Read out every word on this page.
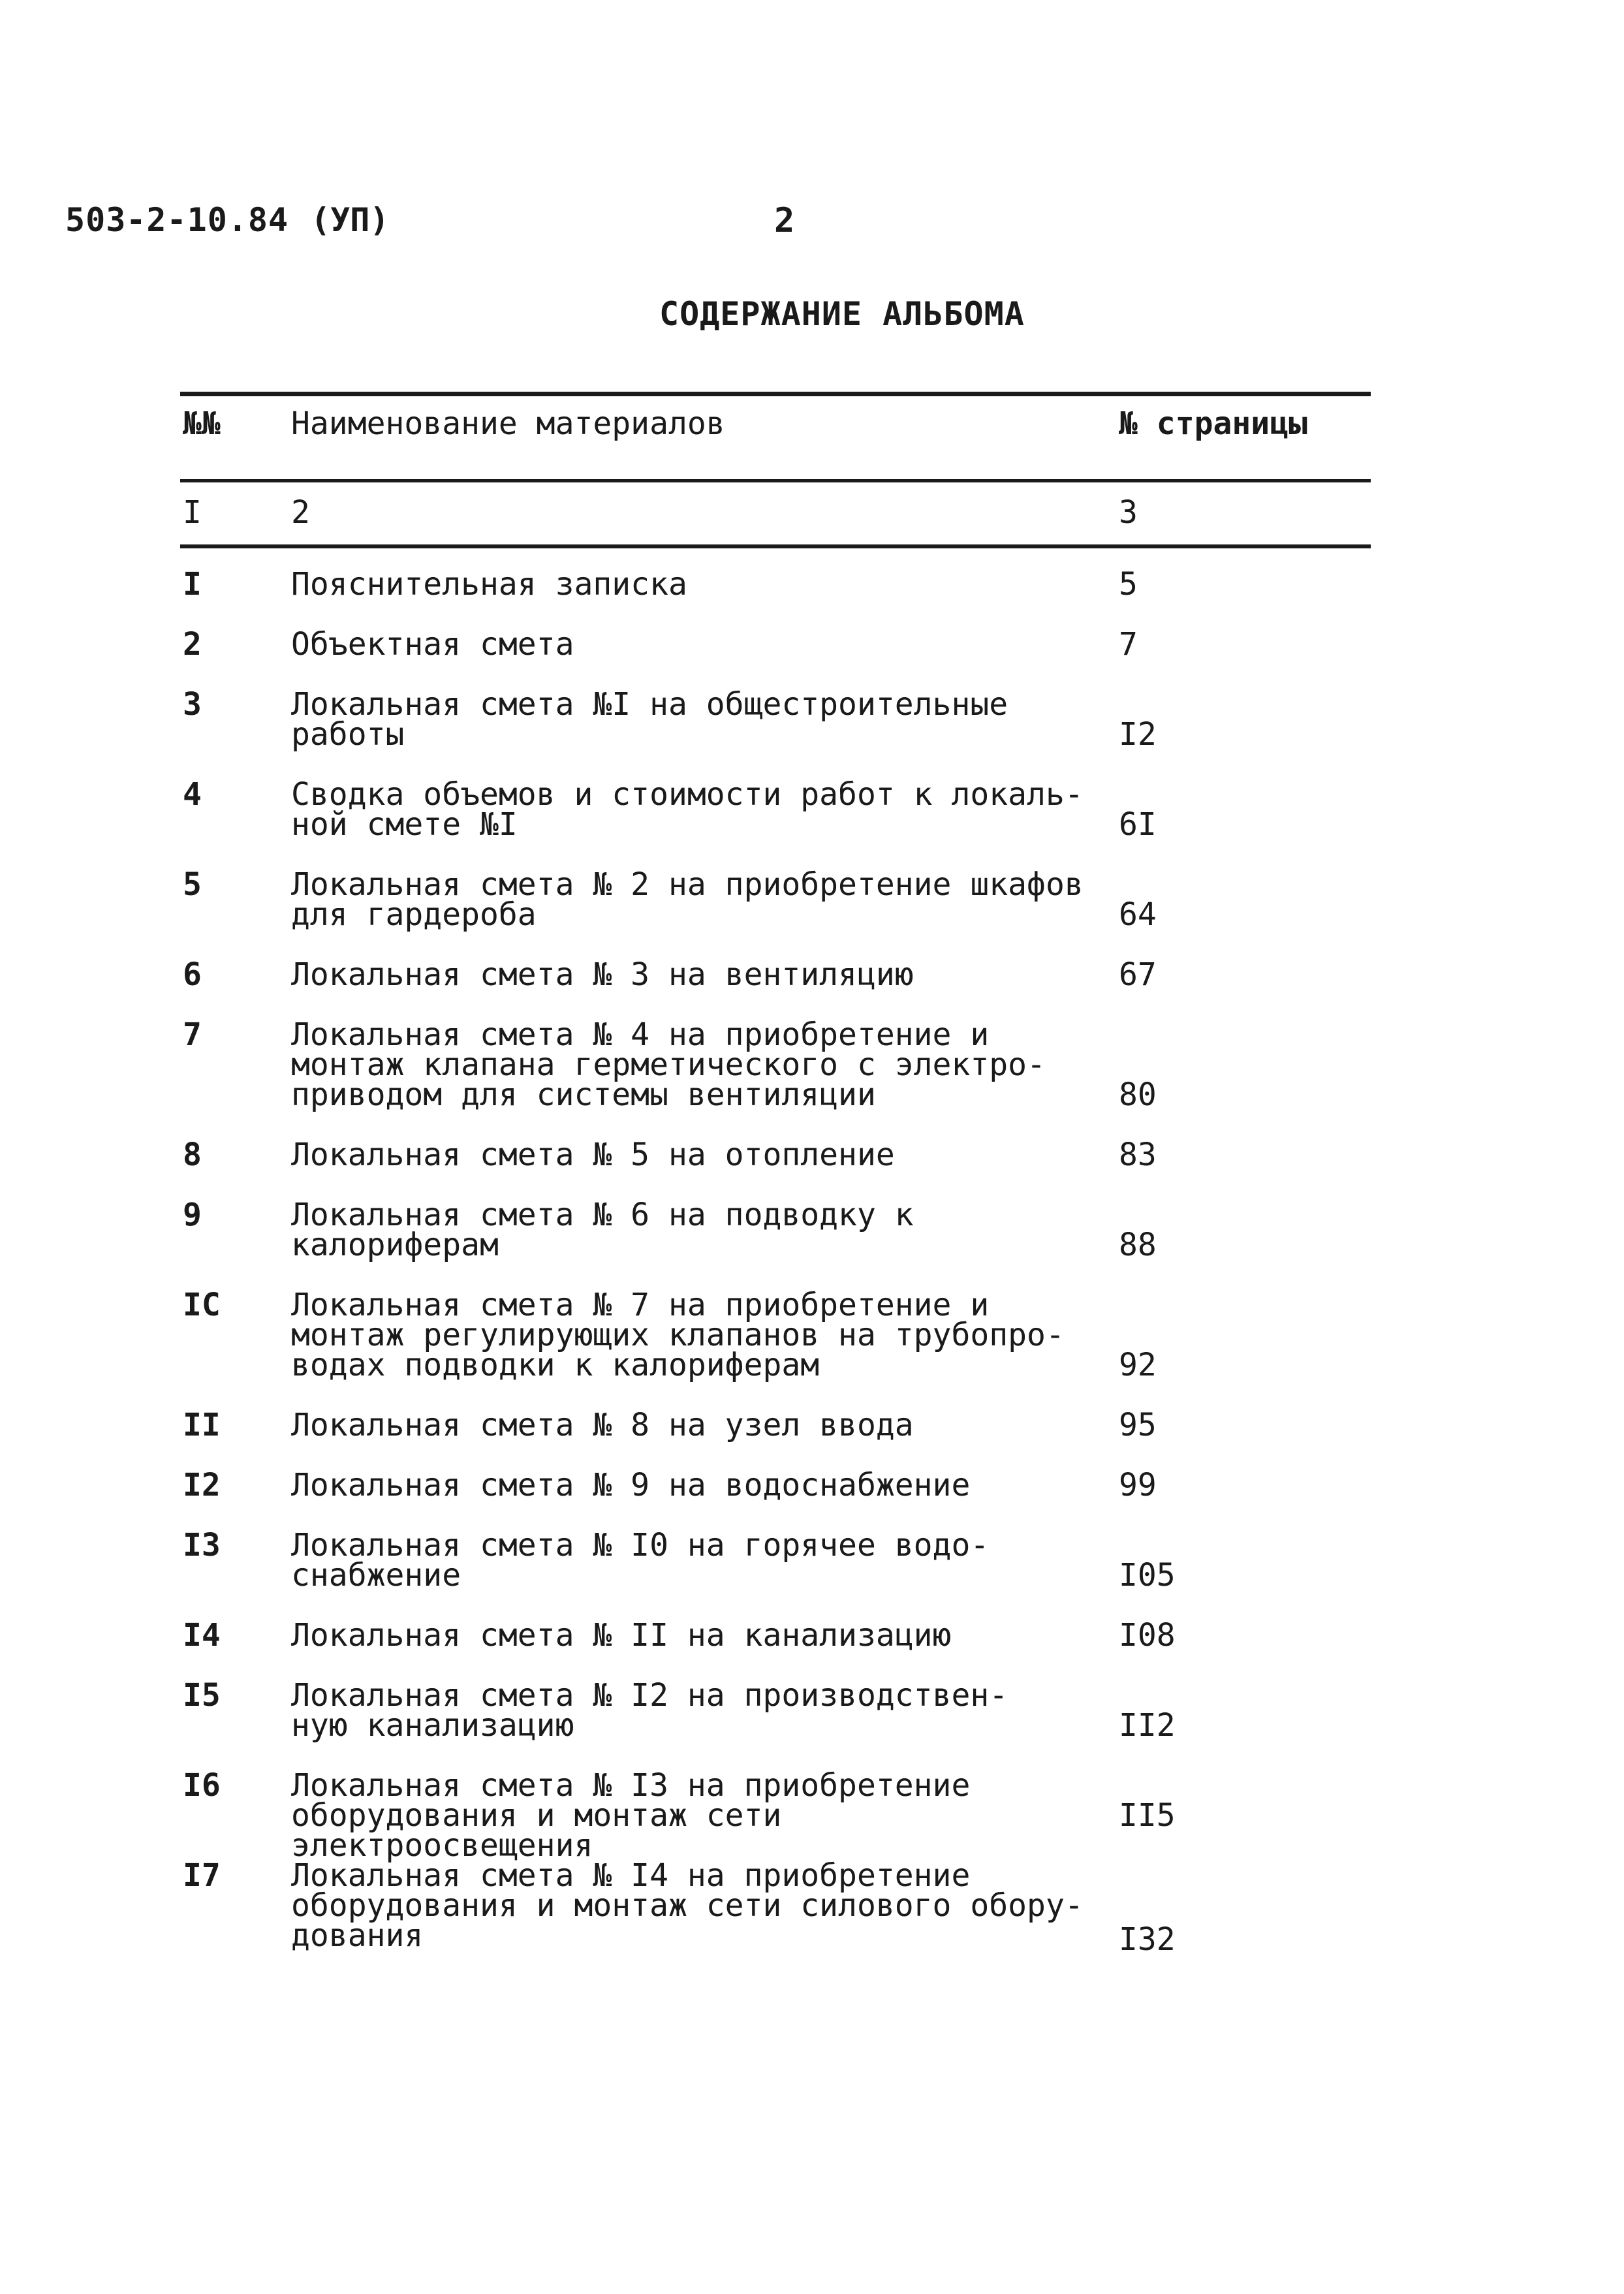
503-2-10.84 (УП)	2
СОДЕРЖАНИЕ АЛЬБОМА
№№ Наименование материалов	№ страницы
I	2	3
I	Пояснительная записка	5
2	Объектная смета	7
3	Локальная смета №I на общестроительные
работы	I2
4	Сводка объемов и стоимости работ к локаль-
ной смете №I	6I
5	Локальная смета № 2 на приобретение шкафов
для гардероба	64
6	Локальная смета № 3 на вентиляцию	67
7	Локальная смета № 4 на приобретение и
монтаж клапана герметического с электро-
приводом для системы вентиляции	80
8	Локальная смета № 5 на отопление	83
9	Локальная смета № 6 на подводку к
калориферам	88
IC Локальная смета № 7 на приобретение и
монтаж регулирующих клапанов на трубопро-
водах подводки к калориферам	92
II Локальная смета № 8 на узел ввода	95
I2 Локальная смета № 9 на водоснабжение	99
I3 Локальная смета № I0 на горячее водо-
снабжение	I05
I4 Локальная смета № II на канализацию	I08
I5 Локальная смета № I2 на производствен-
ную канализацию	II2
I6 Локальная смета № I3 на приобретение
оборудования и монтаж сети электроосвещения
II5
I7 Локальная смета № I4 на приобретение
оборудования и монтаж сети силового обору-
дования	I32
